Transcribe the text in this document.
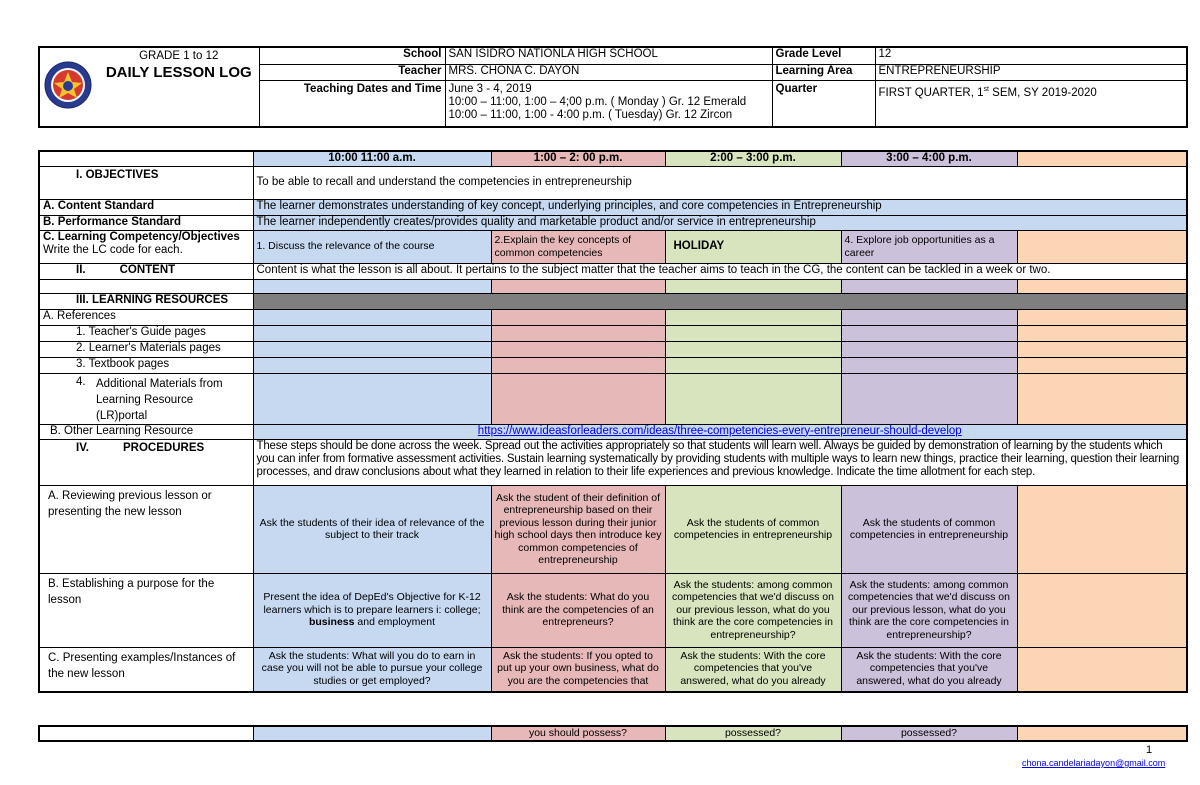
GRADE 1 to 12
DAILY LESSON LOG	School	SAN ISIDRO NATIONLA HIGH SCHOOL	Grade Level	12
		Teacher	MRS. CHONA C. DAYON	Learning Area	ENTREPRENEURSHIP
		Teaching Dates and Time	June 3 - 4, 2019
10:00 – 11:00, 1:00 – 4;00 p.m. ( Monday ) Gr. 12 Emerald
10:00 – 11:00, 1:00 - 4:00 p.m. ( Tuesday) Gr. 12 Zircon	Quarter	FIRST QUARTER, 1st SEM, SY 2019-2020
	10:00 11:00 a.m.	1:00 – 2: 00 p.m.	2:00 – 3:00 p.m.	3:00 – 4:00 p.m.	
I. OBJECTIVES	To be able to recall and understand the competencies in entrepreneurship				
A. Content Standard	The learner demonstrates understanding of key concept, underlying principles, and core competencies in Entrepreneurship				
B. Performance Standard	The learner independently creates/provides quality and marketable product and/or service in entrepreneurship				

C. Learning Competency/Objectives
Write the LC code for each.	1. Discuss the relevance of the course	2.Explain the key concepts of common competencies	HOLIDAY	4. Explore job opportunities as a career	
II. CONTENT	Content is what the lesson is all about. It pertains to the subject matter that the teacher aims to teach in the CG, the content can be tackled in a week or two.				

III. LEARNING RESOURCES					
A. References					
1. Teacher's Guide pages					
2. Learner's Materials pages					
3. Textbook pages					

4. Additional Materials from Learning Resource (LR)portal					

B. Other Learning Resource	https://www.ideasforleaders.com/ideas/three-competencies-every-entrepreneur-should-develop				
IV. PROCEDURES	These steps should be done across the week. Spread out the activities appropriately so that students will learn well. Always be guided by demonstration of learning by the students which you can infer from formative assessment activities. Sustain learning systematically by providing students with multiple ways to learn new things, practice their learning, question their learning processes, and draw conclusions about what they learned in relation to their life experiences and previous knowledge. Indicate the time allotment for each step.				
A. Reviewing previous lesson or presenting the new lesson	Ask the students of their idea of relevance of the subject to their track	Ask the student of their definition of entrepreneurship based on their previous lesson during their junior high school days then introduce key common competencies of entrepreneurship	Ask the students of common competencies in entrepreneurship	Ask the students of common competencies in entrepreneurship	
B. Establishing a purpose for the lesson	Present the idea of DepEd's Objective for K-12 learners which is to prepare learners i: college; business and employment	Ask the students: What do you think are the competencies of an entrepreneurs?	Ask the students: among common competencies that we'd discuss on our previous lesson, what do you think are the core competencies in entrepreneurship?	Ask the students: among common competencies that we'd discuss on our previous lesson, what do you think are the core competencies in entrepreneurship?	
C. Presenting examples/Instances of the new lesson	Ask the students: What will you do to earn in case you will not be able to pursue your college studies or get employed?	Ask the students: If you opted to put up your own business, what do you are the competencies that	Ask the students: With the core competencies that you've answered, what do you already	Ask the students: With the core competencies that you've answered, what do you already	
		you should possess?	possessed?	possessed?	
1
chona.candelariadayon@gmail.com
